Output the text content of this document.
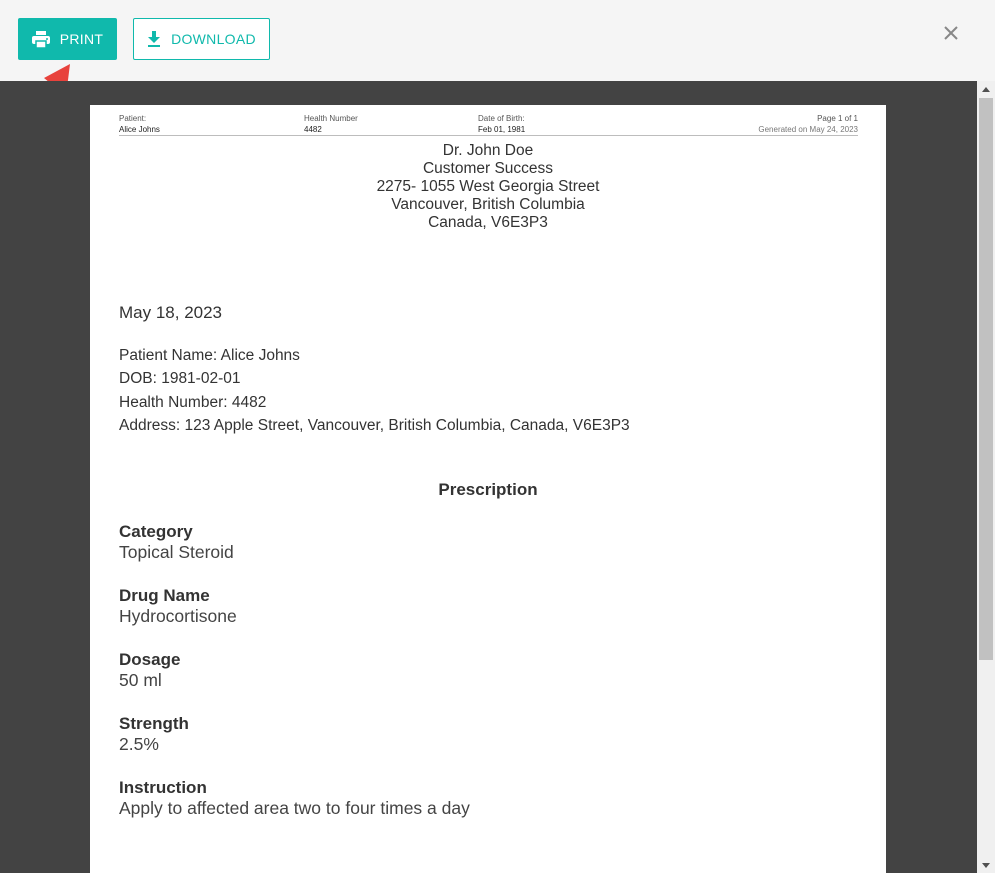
PRINT	DOWNLOAD
Patient:
Alice Johns
Health Number
4482
Date of Birth:
Feb 01, 1981
Page 1 of 1
Generated on May 24, 2023
Dr. John Doe
Customer Success
2275- 1055 West Georgia Street
Vancouver, British Columbia
Canada, V6E3P3
May 18, 2023
Patient Name: Alice Johns
DOB: 1981-02-01
Health Number: 4482
Address: 123 Apple Street, Vancouver, British Columbia, Canada, V6E3P3
Prescription
Category
Topical Steroid
Drug Name
Hydrocortisone
Dosage
50 ml
Strength
2.5%
Instruction
Apply to affected area two to four times a day
